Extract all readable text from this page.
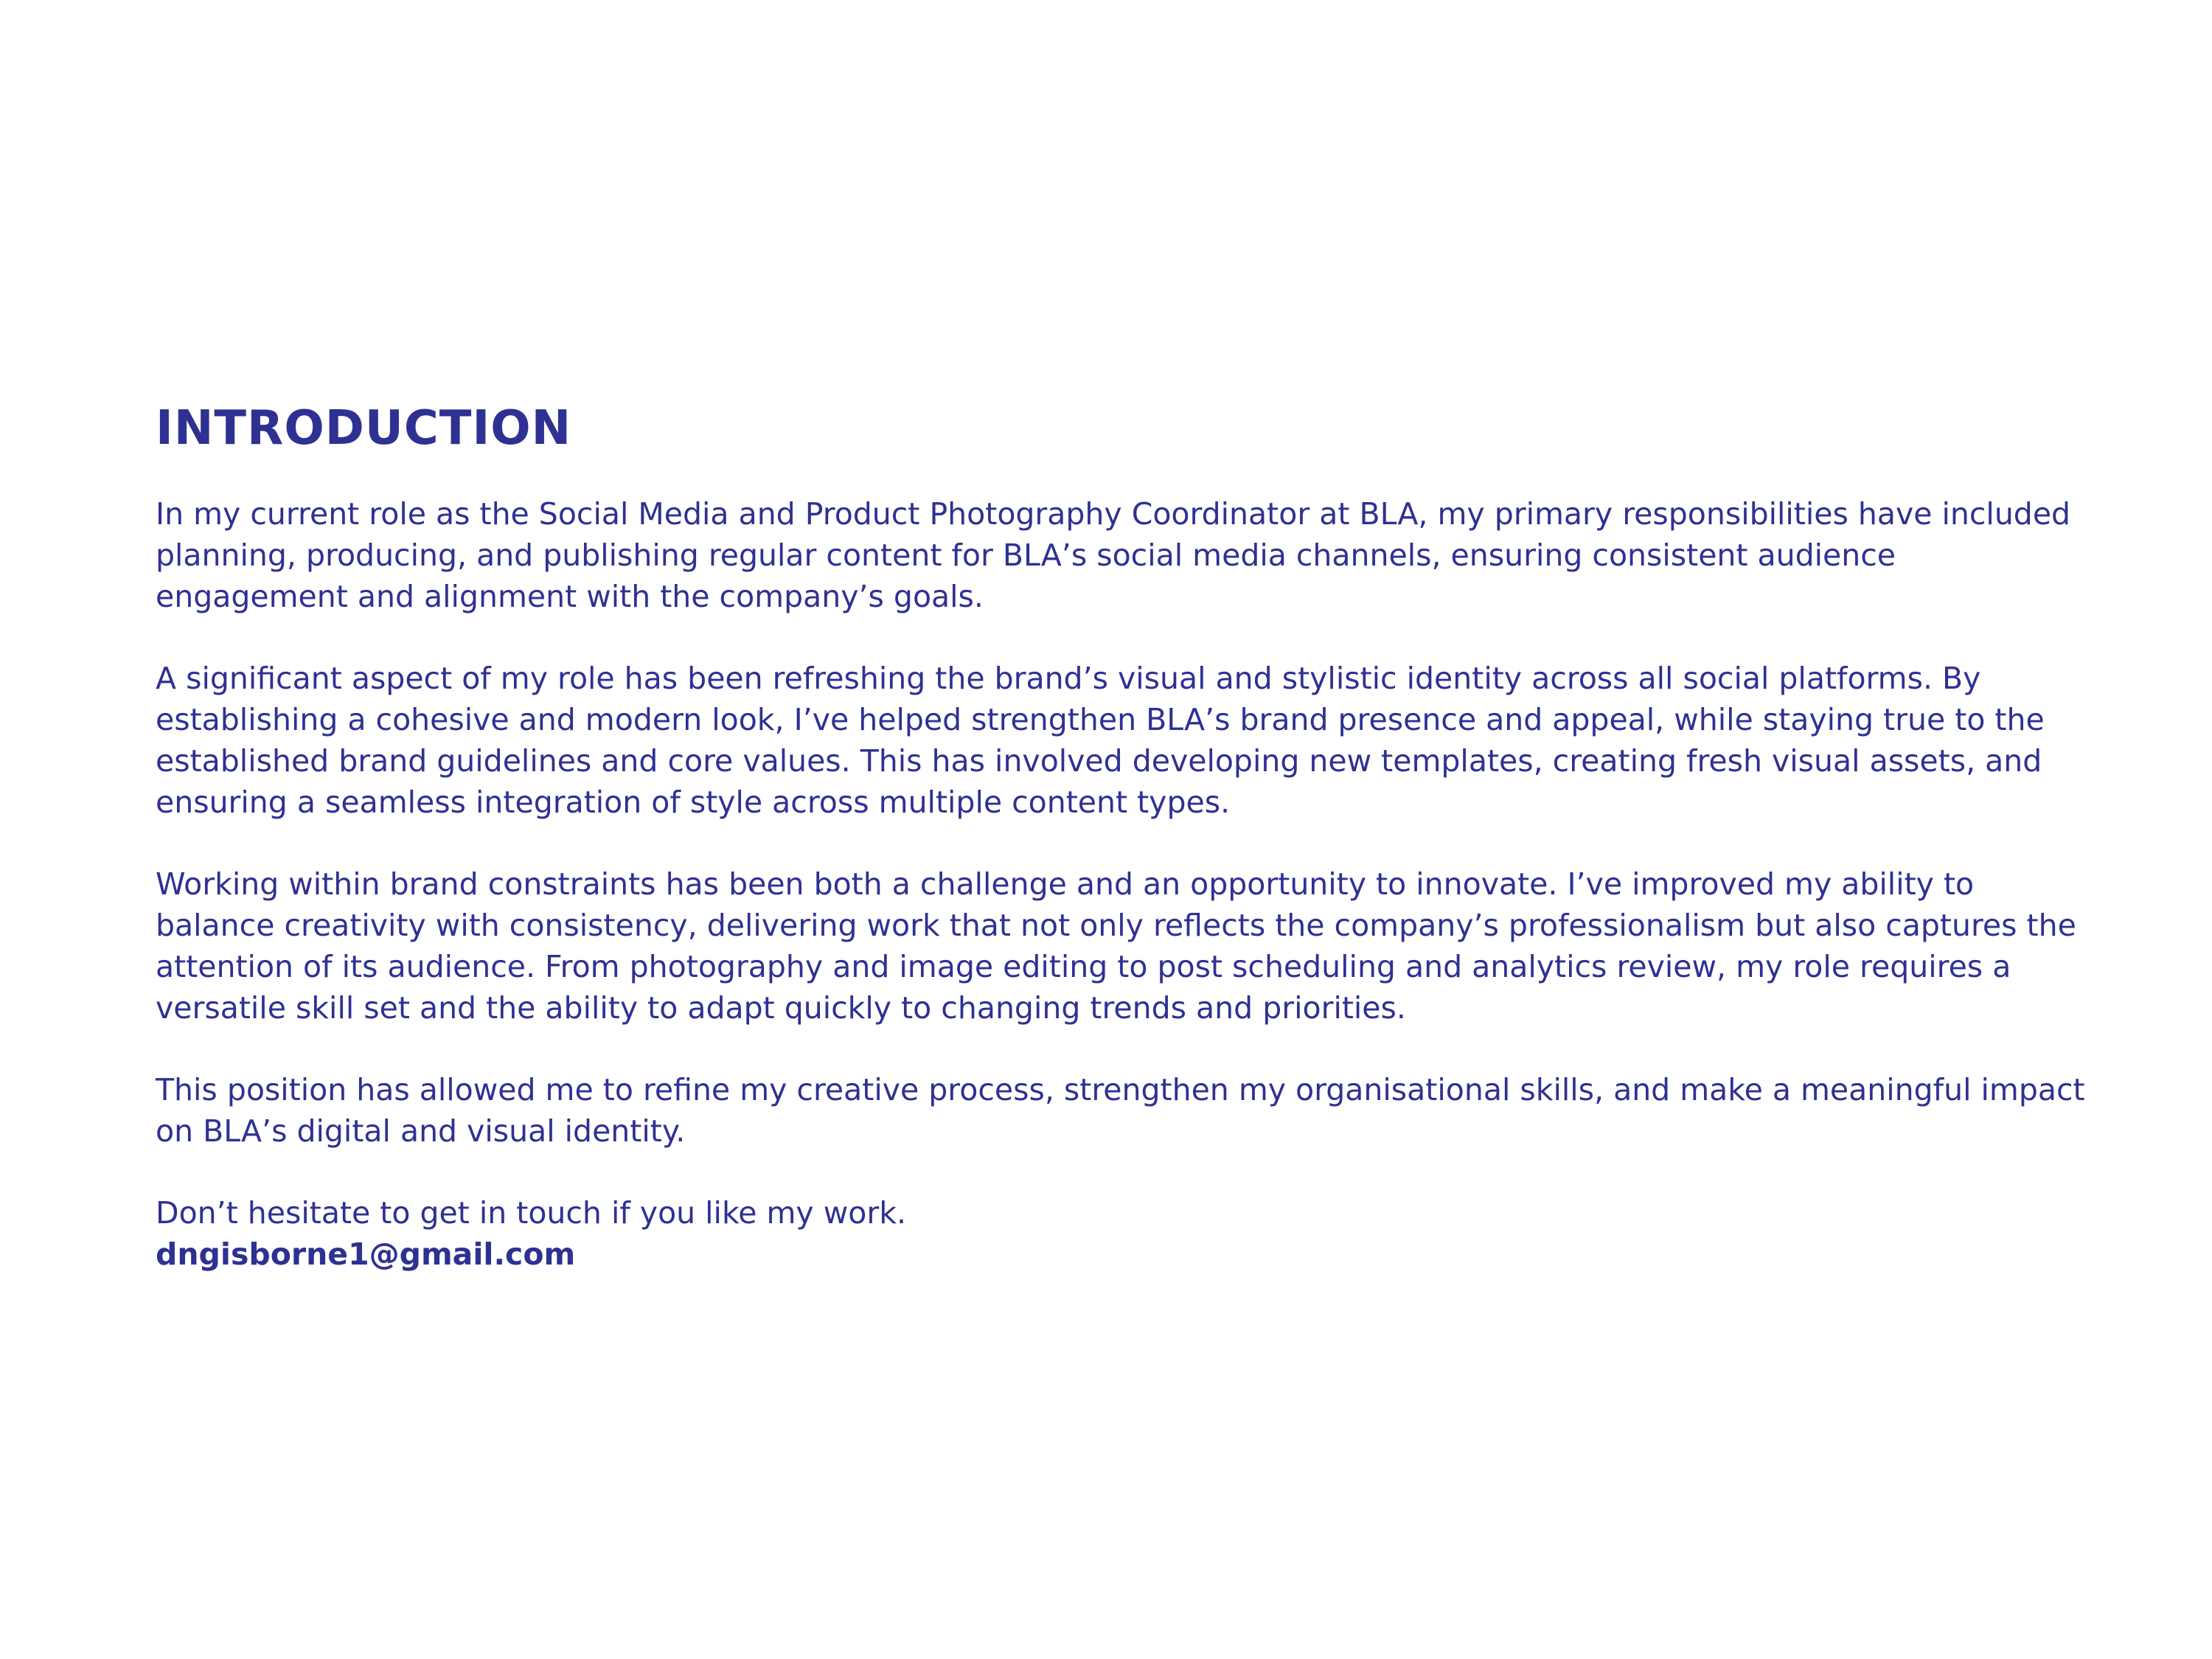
INTRODUCTION

In my current role as the Social Media and Product Photography Coordinator at BLA, my primary responsibilities have included planning, producing, and publishing regular content for BLA’s social media channels, ensuring consistent audience engagement and alignment with the company’s goals.

A significant aspect of my role has been refreshing the brand’s visual and stylistic identity across all social platforms. By establishing a cohesive and modern look, I’ve helped strengthen BLA’s brand presence and appeal, while staying true to the established brand guidelines and core values. This has involved developing new templates, creating fresh visual assets, and ensuring a seamless integration of style across multiple content types.

Working within brand constraints has been both a challenge and an opportunity to innovate. I’ve improved my ability to balance creativity with consistency, delivering work that not only reflects the company’s professionalism but also captures the attention of its audience. From photography and image editing to post scheduling and analytics review, my role requires a versatile skill set and the ability to adapt quickly to changing trends and priorities.

This position has allowed me to refine my creative process, strengthen my organisational skills, and make a meaningful impact on BLA’s digital and visual identity.

Don’t hesitate to get in touch if you like my work.

dngisborne1@gmail.com
